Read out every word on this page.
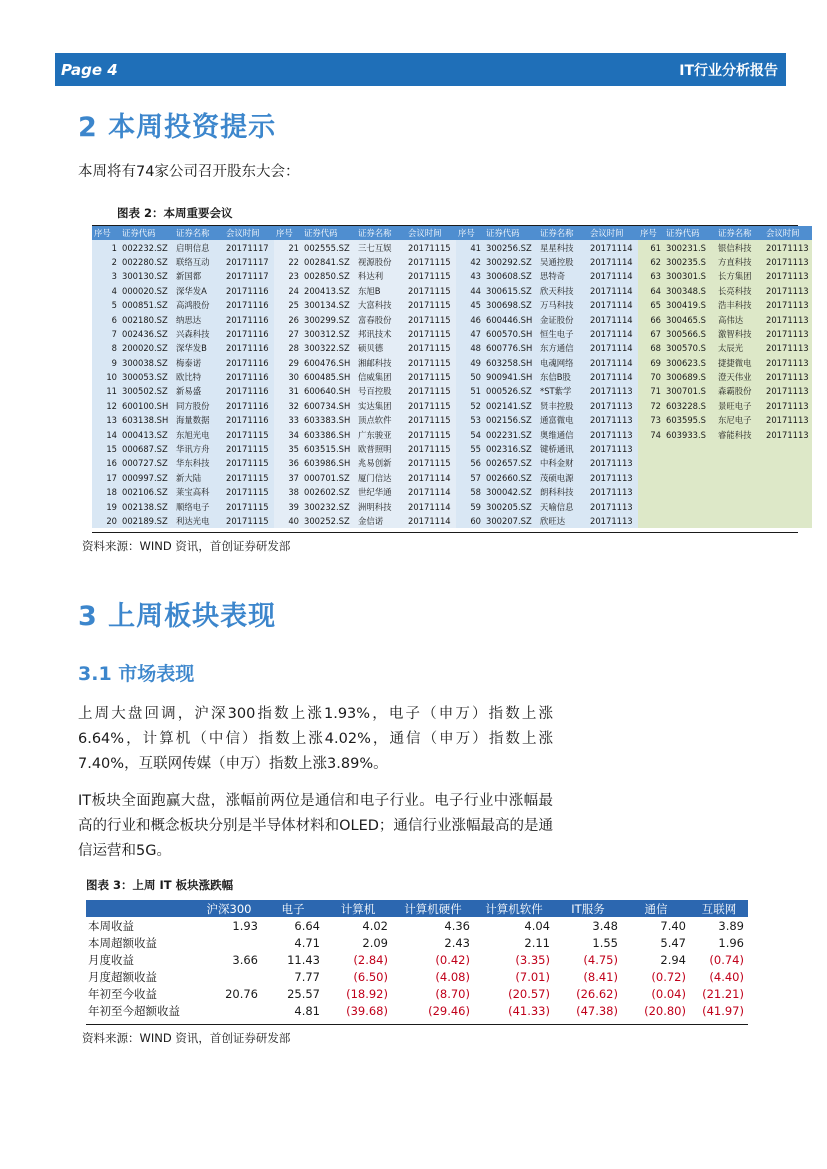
Page 4	IT行业分析报告
2 本周投资提示

本周将有74家公司召开股东大会：

图表 2：本周重要会议
序号	证券代码	证券名称	会议时间	序号	证券代码	证券名称	会议时间	序号	证券代码	证券名称	会议时间	序号	证券代码	证券名称	会议时间
1	002232.SZ	启明信息	20171117	21	002555.SZ	三七互娱	20171115	41	300256.SZ	星星科技	20171114	61	300231.S	银信科技	20171113
2	002280.SZ	联络互动	20171117	22	002841.SZ	视源股份	20171115	42	300292.SZ	吴通控股	20171114	62	300235.S	方直科技	20171113
3	300130.SZ	新国都	20171117	23	002850.SZ	科达利	20171115	43	300608.SZ	思特奇	20171114	63	300301.S	长方集团	20171113
4	000020.SZ	深华发A	20171116	24	200413.SZ	东旭B	20171115	44	300615.SZ	欣天科技	20171114	64	300348.S	长亮科技	20171113
5	000851.SZ	高鸿股份	20171116	25	300134.SZ	大富科技	20171115	45	300698.SZ	万马科技	20171114	65	300419.S	浩丰科技	20171113
6	002180.SZ	纳思达	20171116	26	300299.SZ	富春股份	20171115	46	600446.SH	金证股份	20171114	66	300465.S	高伟达	20171113
7	002436.SZ	兴森科技	20171116	27	300312.SZ	邦讯技术	20171115	47	600570.SH	恒生电子	20171114	67	300566.S	激智科技	20171113
8	200020.SZ	深华发B	20171116	28	300322.SZ	硕贝德	20171115	48	600776.SH	东方通信	20171114	68	300570.S	太辰光	20171113
9	300038.SZ	梅泰诺	20171116	29	600476.SH	湘邮科技	20171115	49	603258.SH	电魂网络	20171114	69	300623.S	捷捷微电	20171113
10	300053.SZ	欧比特	20171116	30	600485.SH	信威集团	20171115	50	900941.SH	东信B股	20171114	70	300689.S	澄天伟业	20171113
11	300502.SZ	新易盛	20171116	31	600640.SH	号百控股	20171115	51	000526.SZ	*ST紫学	20171113	71	300701.S	森霸股份	20171113
12	600100.SH	同方股份	20171116	32	600734.SH	实达集团	20171115	52	002141.SZ	贤丰控股	20171113	72	603228.S	景旺电子	20171113
13	603138.SH	海量数据	20171116	33	603383.SH	顶点软件	20171115	53	002156.SZ	通富微电	20171113	73	603595.S	东尼电子	20171113
14	000413.SZ	东旭光电	20171115	34	603386.SH	广东骏亚	20171115	54	002231.SZ	奥维通信	20171113	74	603933.S	睿能科技	20171113
15	000687.SZ	华讯方舟	20171115	35	603515.SH	欧普照明	20171115	55	002316.SZ	键桥通讯	20171113				
16	000727.SZ	华东科技	20171115	36	603986.SH	兆易创新	20171115	56	002657.SZ	中科金财	20171113				
17	000997.SZ	新大陆	20171115	37	000701.SZ	厦门信达	20171114	57	002660.SZ	茂硕电源	20171113				
18	002106.SZ	莱宝高科	20171115	38	002602.SZ	世纪华通	20171114	58	300042.SZ	朗科科技	20171113				
19	002138.SZ	顺络电子	20171115	39	300232.SZ	洲明科技	20171114	59	300205.SZ	天喻信息	20171113				
20	002189.SZ	利达光电	20171115	40	300252.SZ	金信诺	20171114	60	300207.SZ	欣旺达	20171113				
资料来源：WIND 资讯，首创证券研发部
3 上周板块表现
3.1 市场表现

上周大盘回调，沪深300指数上涨1.93%，电子（申万）指数上涨6.64%，计算机（中信）指数上涨4.02%，通信（申万）指数上涨7.40%，互联网传媒（申万）指数上涨3.89%。

IT板块全面跑赢大盘，涨幅前两位是通信和电子行业。电子行业中涨幅最高的行业和概念板块分别是半导体材料和OLED；通信行业涨幅最高的是通信运营和5G。

图表 3：上周 IT 板块涨跌幅
	沪深300	电子	计算机	计算机硬件	计算机软件	IT服务	通信	互联网
本周收益	1.93	6.64	4.02	4.36	4.04	3.48	7.40	3.89
本周超额收益		4.71	2.09	2.43	2.11	1.55	5.47	1.96
月度收益	3.66	11.43	(2.84)	(0.42)	(3.35)	(4.75)	2.94	(0.74)
月度超额收益		7.77	(6.50)	(4.08)	(7.01)	(8.41)	(0.72)	(4.40)
年初至今收益	20.76	25.57	(18.92)	(8.70)	(20.57)	(26.62)	(0.04)	(21.21)
年初至今超额收益		4.81	(39.68)	(29.46)	(41.33)	(47.38)	(20.80)	(41.97)
资料来源：WIND 资讯，首创证券研发部
